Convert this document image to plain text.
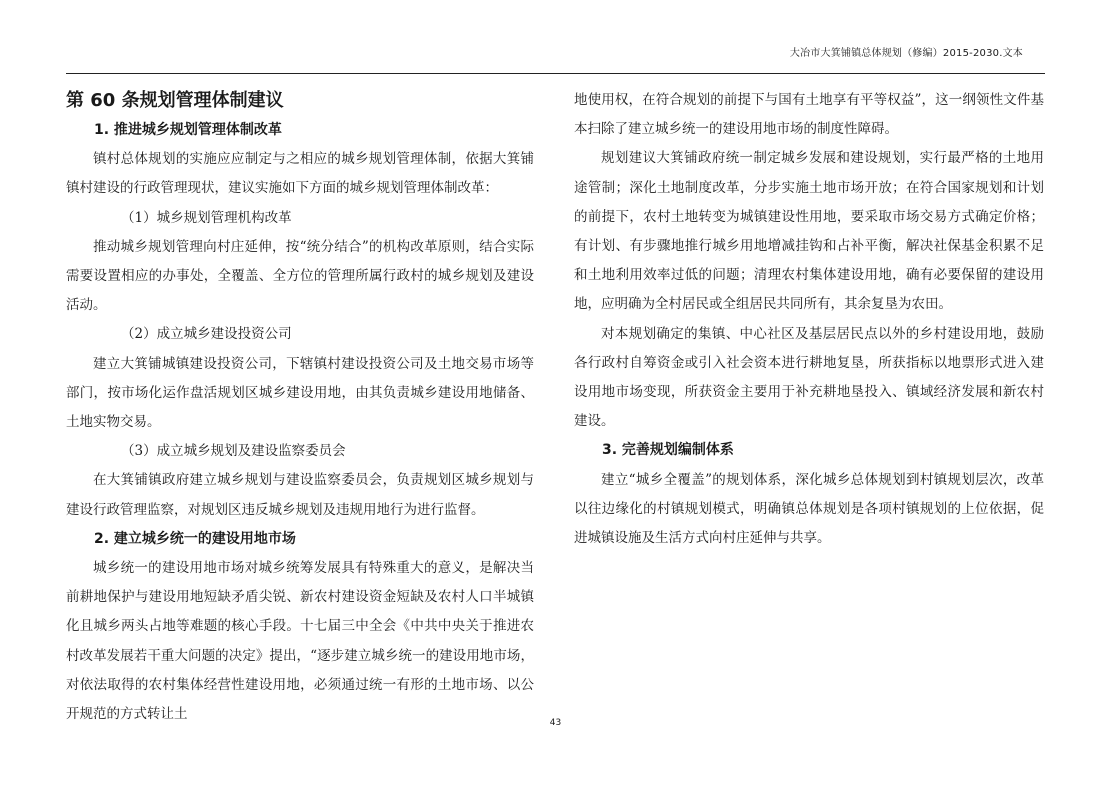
大冶市大箕铺镇总体规划（修编）2015-2030.文本
第 60 条规划管理体制建议
1. 推进城乡规划管理体制改革

镇村总体规划的实施应应制定与之相应的城乡规划管理体制，依据大箕铺镇村建设的行政管理现状，建议实施如下方面的城乡规划管理体制改革：

（1）城乡规划管理机构改革

推动城乡规划管理向村庄延伸，按“统分结合”的机构改革原则，结合实际需要设置相应的办事处，全覆盖、全方位的管理所属行政村的城乡规划及建设活动。

（2）成立城乡建设投资公司

建立大箕铺城镇建设投资公司，下辖镇村建设投资公司及土地交易市场等部门，按市场化运作盘活规划区城乡建设用地，由其负责城乡建设用地储备、土地实物交易。

（3）成立城乡规划及建设监察委员会

在大箕铺镇政府建立城乡规划与建设监察委员会，负责规划区城乡规划与建设行政管理监察，对规划区违反城乡规划及违规用地行为进行监督。

2. 建立城乡统一的建设用地市场

城乡统一的建设用地市场对城乡统筹发展具有特殊重大的意义，是解决当前耕地保护与建设用地短缺矛盾尖锐、新农村建设资金短缺及农村人口半城镇化且城乡两头占地等难题的核心手段。十七届三中全会《中共中央关于推进农村改革发展若干重大问题的决定》提出，“逐步建立城乡统一的建设用地市场，对依法取得的农村集体经营性建设用地，必须通过统一有形的土地市场、以公开规范的方式转让土

地使用权，在符合规划的前提下与国有土地享有平等权益”，这一纲领性文件基本扫除了建立城乡统一的建设用地市场的制度性障碍。

规划建议大箕铺政府统一制定城乡发展和建设规划，实行最严格的土地用途管制；深化土地制度改革，分步实施土地市场开放；在符合国家规划和计划的前提下，农村土地转变为城镇建设性用地，要采取市场交易方式确定价格；有计划、有步骤地推行城乡用地增减挂钩和占补平衡，解决社保基金积累不足和土地利用效率过低的问题；清理农村集体建设用地，确有必要保留的建设用地，应明确为全村居民或全组居民共同所有，其余复垦为农田。

对本规划确定的集镇、中心社区及基层居民点以外的乡村建设用地，鼓励各行政村自筹资金或引入社会资本进行耕地复垦，所获指标以地票形式进入建设用地市场变现，所获资金主要用于补充耕地垦投入、镇域经济发展和新农村建设。

3. 完善规划编制体系

建立“城乡全覆盖”的规划体系，深化城乡总体规划到村镇规划层次，改革以往边缘化的村镇规划模式，明确镇总体规划是各项村镇规划的上位依据，促进城镇设施及生活方式向村庄延伸与共享。

43
